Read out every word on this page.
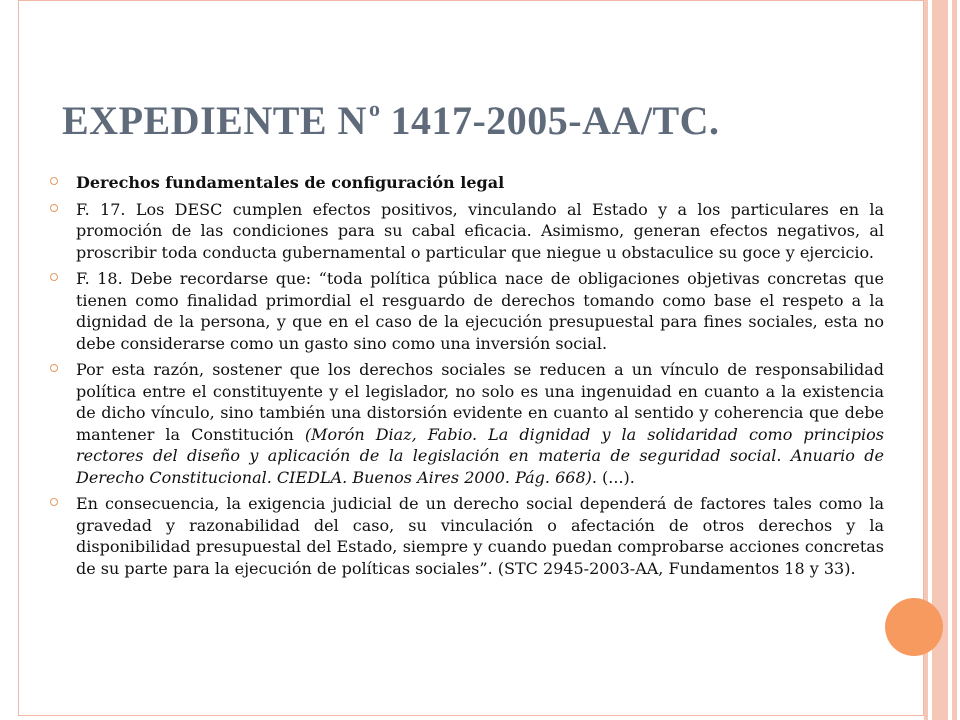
EXPEDIENTE $N^o$ 1417-2005-AA/TC.
Derechos fundamentales de configuración legal
F. 17. Los DESC cumplen efectos positivos, vinculando al Estado y a los particulares en la promoción de las condiciones para su cabal eficacia. Asimismo, generan efectos negativos, al proscribir toda conducta gubernamental o particular que niegue u obstaculice su goce y ejercicio.
F. 18. Debe recordarse que: “toda política pública nace de obligaciones objetivas concretas que tienen como finalidad primordial el resguardo de derechos tomando como base el respeto a la dignidad de la persona, y que en el caso de la ejecución presupuestal para fines sociales, esta no debe considerarse como un gasto sino como una inversión social.
Por esta razón, sostener que los derechos sociales se reducen a un vínculo de responsabilidad política entre el constituyente y el legislador, no solo es una ingenuidad en cuanto a la existencia de dicho vínculo, sino también una distorsión evidente en cuanto al sentido y coherencia que debe mantener la Constitución (Morón Diaz, Fabio. La dignidad y la solidaridad como principios rectores del diseño y aplicación de la legislación en materia de seguridad social. Anuario de Derecho Constitucional. CIEDLA. Buenos Aires 2000. Pág. 668). (...).
En consecuencia, la exigencia judicial de un derecho social dependerá de factores tales como la gravedad y razonabilidad del caso, su vinculación o afectación de otros derechos y la disponibilidad presupuestal del Estado, siempre y cuando puedan comprobarse acciones concretas de su parte para la ejecución de políticas sociales”. (STC 2945-2003-AA, Fundamentos 18 y 33).
